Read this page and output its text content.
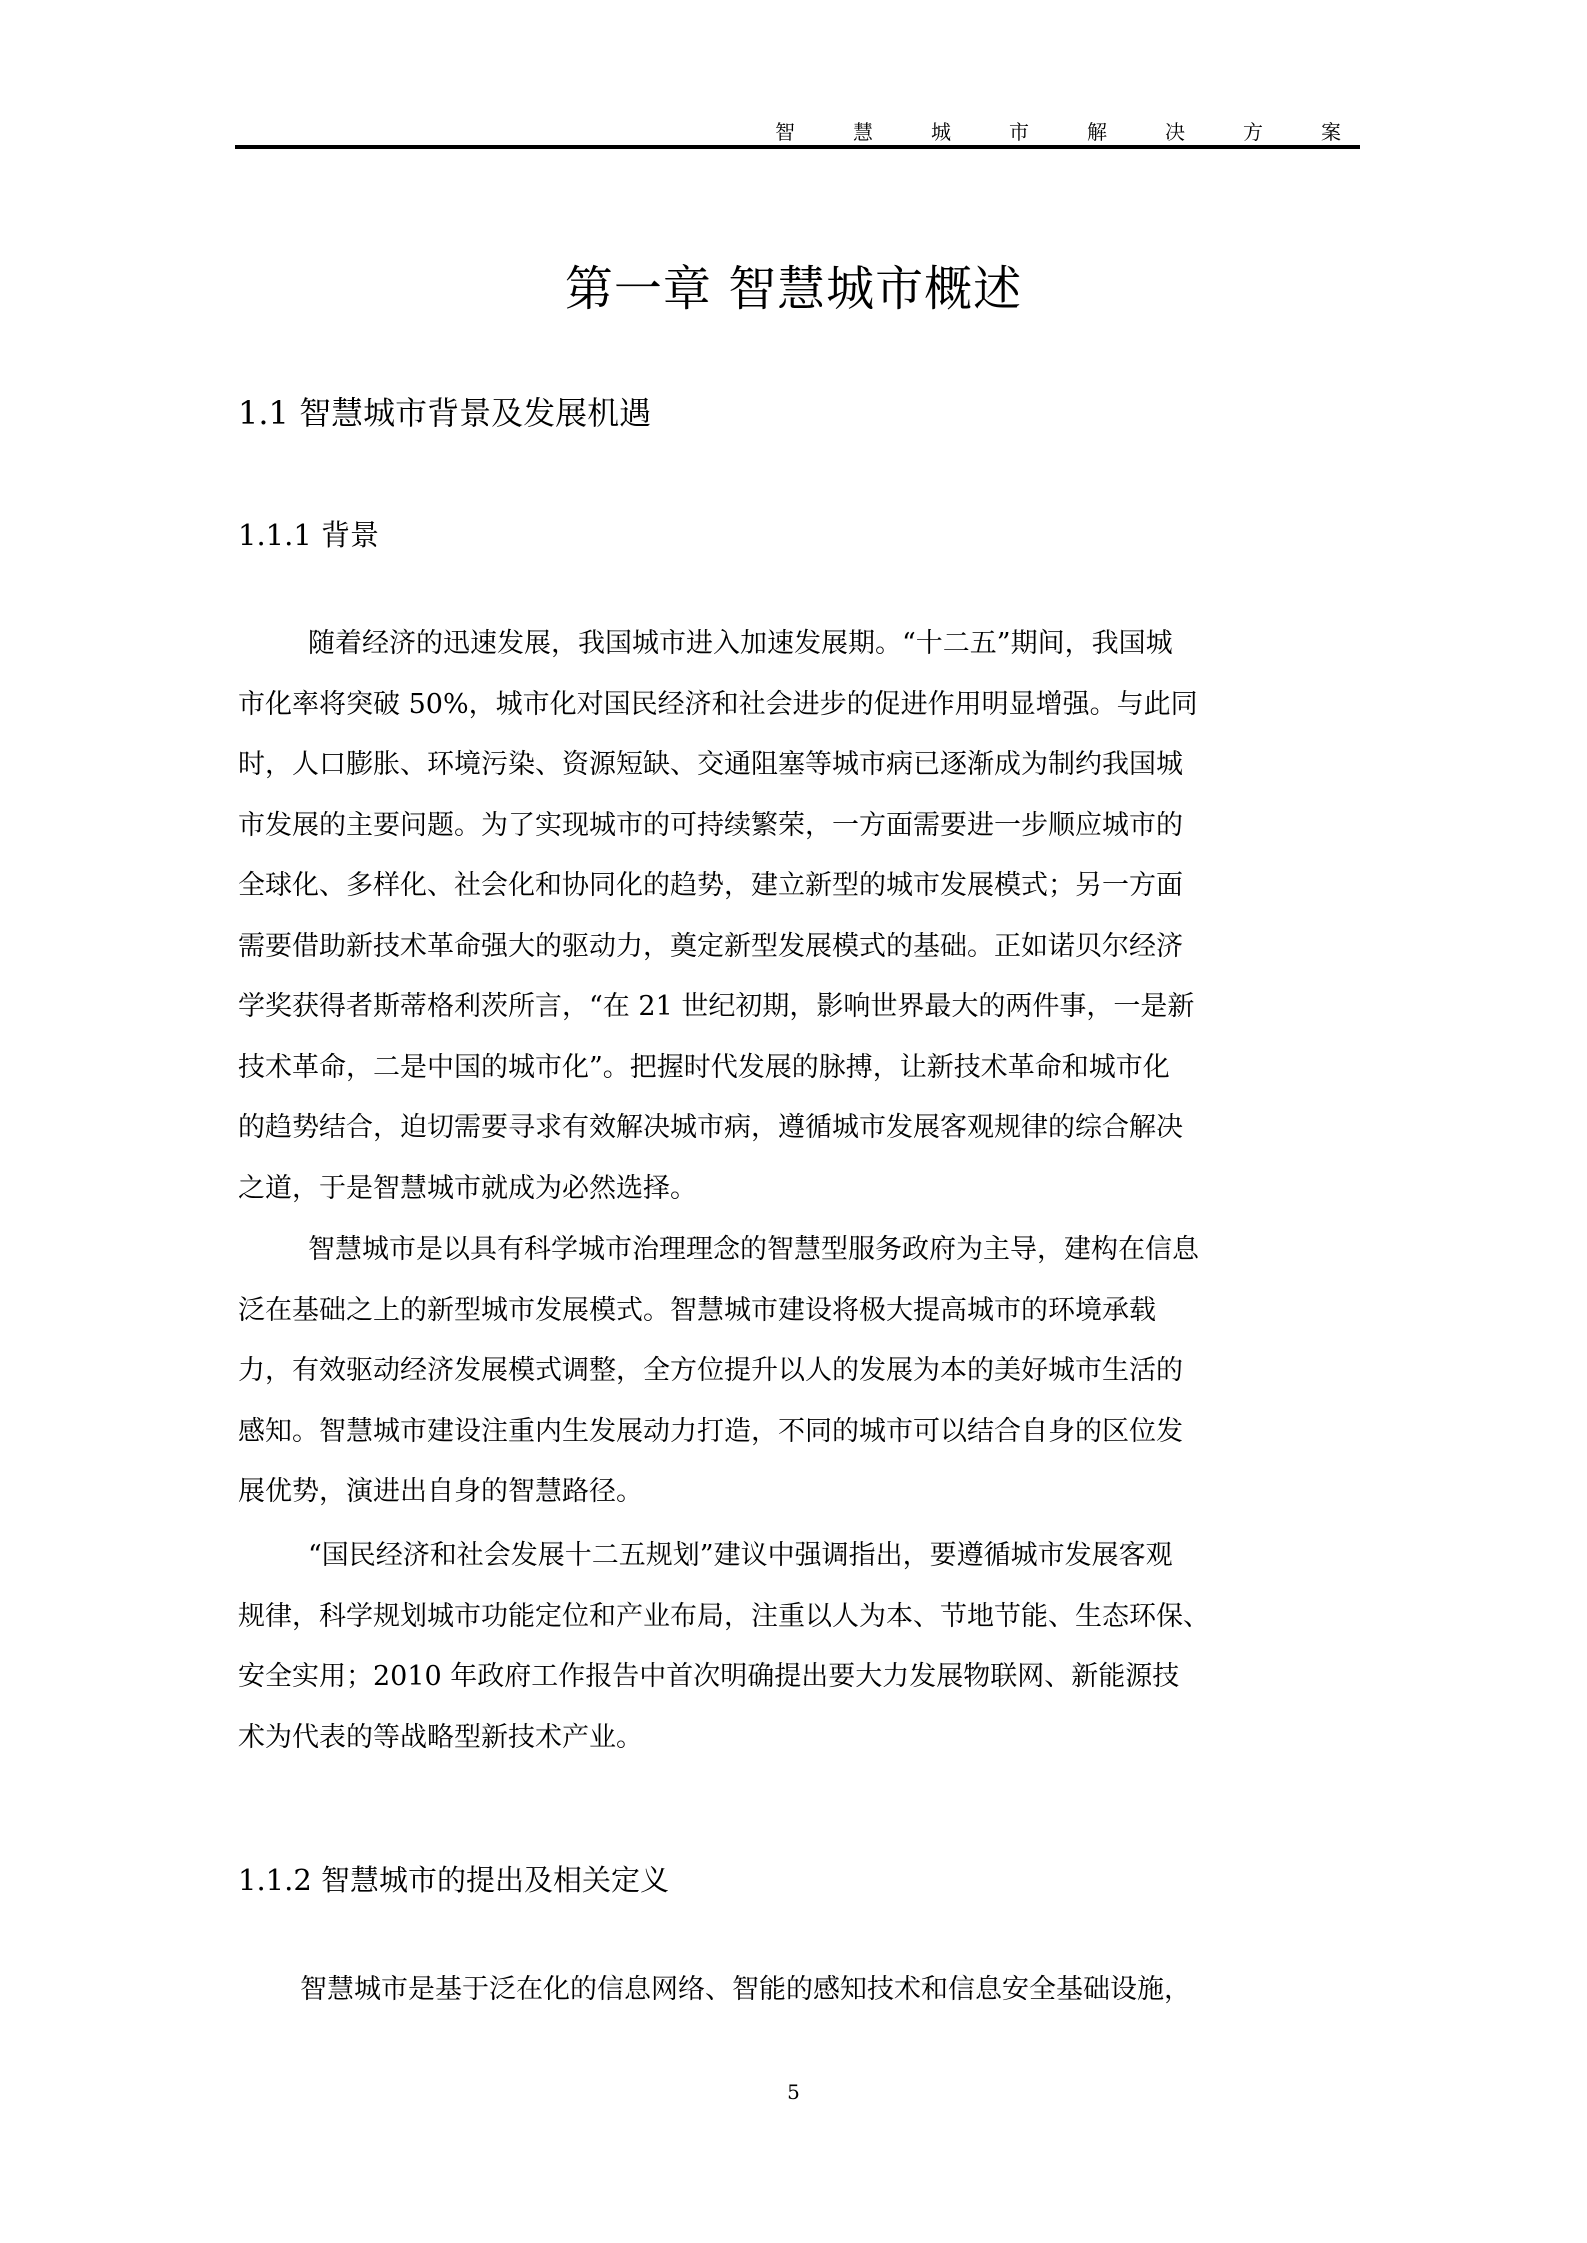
智	慧	城	市	解	决	方	案
第一章 智慧城市概述
1.1 智慧城市背景及发展机遇
1.1.1 背景
随着经济的迅速发展，我国城市进入加速发展期。“十二五”期间，我国城
市化率将突破 50%，城市化对国民经济和社会进步的促进作用明显增强。与此同
时，人口膨胀、环境污染、资源短缺、交通阻塞等城市病已逐渐成为制约我国城
市发展的主要问题。为了实现城市的可持续繁荣，一方面需要进一步顺应城市的
全球化、多样化、社会化和协同化的趋势，建立新型的城市发展模式；另一方面
需要借助新技术革命强大的驱动力，奠定新型发展模式的基础。正如诺贝尔经济
学奖获得者斯蒂格利茨所言，“在 21 世纪初期，影响世界最大的两件事，一是新
技术革命，二是中国的城市化”。把握时代发展的脉搏，让新技术革命和城市化
的趋势结合，迫切需要寻求有效解决城市病，遵循城市发展客观规律的综合解决
之道，于是智慧城市就成为必然选择。
智慧城市是以具有科学城市治理理念的智慧型服务政府为主导，建构在信息
泛在基础之上的新型城市发展模式。智慧城市建设将极大提高城市的环境承载
力，有效驱动经济发展模式调整，全方位提升以人的发展为本的美好城市生活的
感知。智慧城市建设注重内生发展动力打造，不同的城市可以结合自身的区位发
展优势，演进出自身的智慧路径。
“国民经济和社会发展十二五规划”建议中强调指出，要遵循城市发展客观
规律，科学规划城市功能定位和产业布局，注重以人为本、节地节能、生态环保、
安全实用；2010 年政府工作报告中首次明确提出要大力发展物联网、新能源技
术为代表的等战略型新技术产业。
1.1.2 智慧城市的提出及相关定义
智慧城市是基于泛在化的信息网络、智能的感知技术和信息安全基础设施，
5
